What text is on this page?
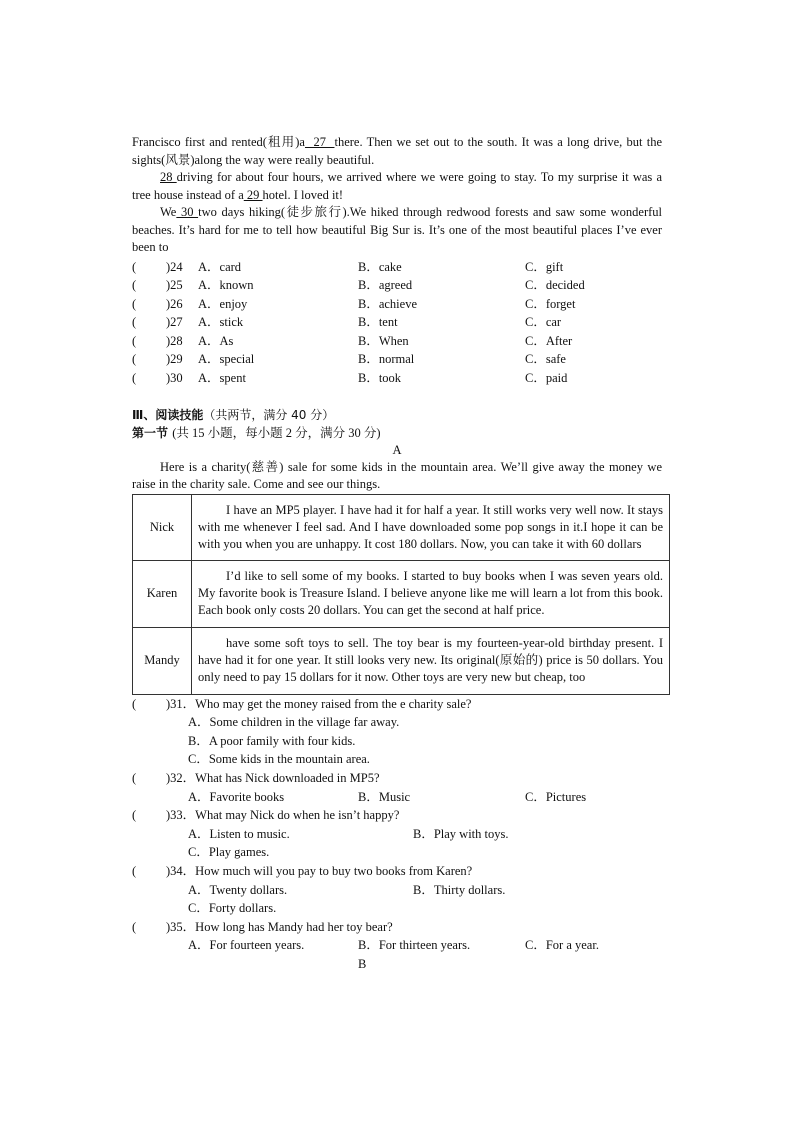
Francisco first and rented(租用)a  27  there. Then we set out to the south. It was a long drive, but the sights(风景)along the way were really beautiful.

28 driving for about four hours, we arrived where we were going to stay. To my surprise it was a tree house instead of a 29 hotel. I loved it!

We 30 two days hiking(徒步旅行).We hiked through redwood forests and saw some wonderful beaches. It’s hard for me to tell how beautiful Big Sur is. It’s one of the most beautiful places I’ve ever been to

( )24 A．card	B．cake	C．gift
( )25 A．known	B．agreed	C．decided
( )26 A．enjoy	B．achieve	C．forget
( )27 A．stick	B．tent	C．car
( )28 A．As	B．When	C．After
( )29 A．special	B．normal	C．safe
( )30 A．spent	B．took	C．paid
Ⅲ、阅读技能（共两节，满分 40 分）
第一节 (共 15 小题，每小题 2 分，满分 30 分)
A

Here is a charity(慈善) sale for some kids in the mountain area. We’ll give away the money we raise in the charity sale. Come and see our things.

Nick	I have an MP5 player. I have had it for half a year. It still works very well now. It stays with me whenever I feel sad. And I have downloaded some pop songs in it.I hope it can be with you when you are unhappy. It cost 180 dollars. Now, you can take it with 60 dollars

Karen	I’d like to sell some of my books. I started to buy books when I was seven years old. My favorite book is Treasure Island. I believe anyone like me will learn a lot from this book. Each book only costs 20 dollars. You can get the second at half price.

Mandy	have some soft toys to sell. The toy bear is my fourteen-year-old birthday present. I have had it for one year. It still looks very new. Its original(原始的) price is 50 dollars. You only need to pay 15 dollars for it now. Other toys are very new but cheap, too
( )31．Who may get the money raised from the e charity sale?
A．Some children in the village far away.
B．A poor family with four kids.
C．Some kids in the mountain area.
( )32．What has Nick downloaded in MP5?
A．Favorite books	B．Music	C．Pictures
( )33．What may Nick do when he isn’t happy?
A．Listen to music.	B．Play with toys.
C．Play games.
( )34．How much will you pay to buy two books from Karen?
A．Twenty dollars.	B．Thirty dollars.
C．Forty dollars.
( )35．How long has Mandy had her toy bear?
A．For fourteen years.	B．For thirteen years.	C．For a year.
B
